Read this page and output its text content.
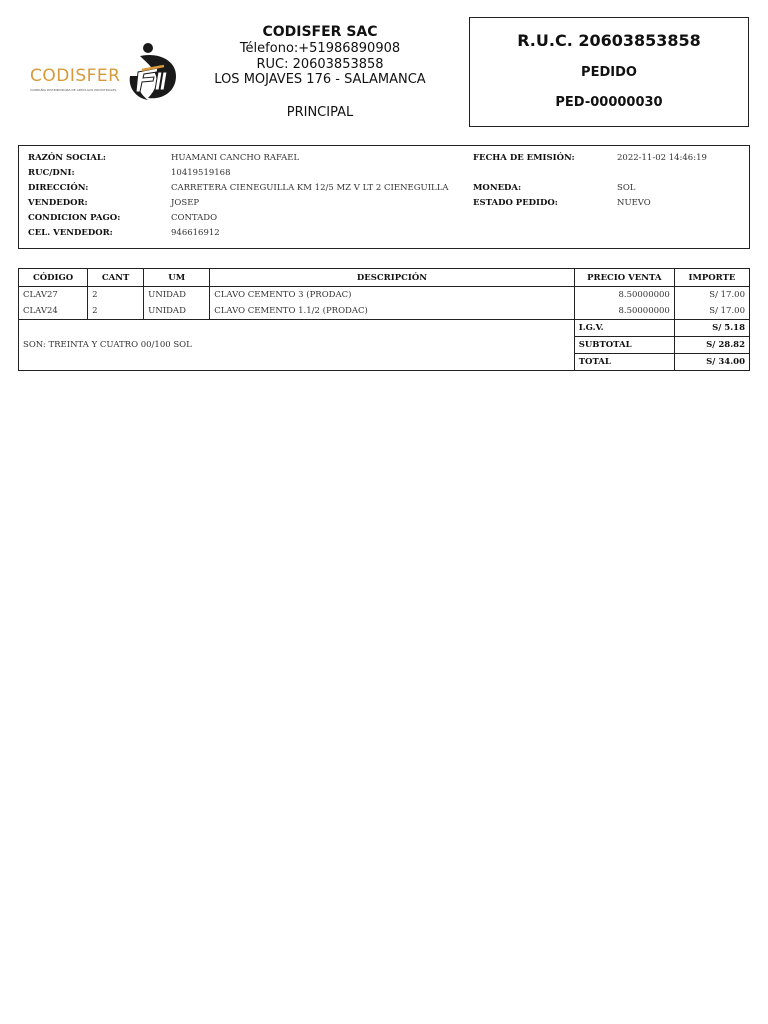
CODISFER
COMPAÑIA DISTRIBUIDORA DE ARTICULOS INDUSTRIALES
CODISFER SAC
Télefono:+51986890908
RUC: 20603853858
LOS MOJAVES 176 - SALAMANCA
PRINCIPAL
R.U.C. 20603853858
PEDIDO
PED-00000030
RAZÓN SOCIAL:	HUAMANI CANCHO RAFAEL
RUC/DNI:	10419519168
DIRECCIÓN:	CARRETERA CIENEGUILLA KM 12/5 MZ V LT 2 CIENEGUILLA
VENDEDOR:	JOSEP
CONDICION PAGO:	CONTADO
CEL. VENDEDOR:	946616912
FECHA DE EMISIÓN:	2022-11-02 14:46:19
MONEDA:	SOL
ESTADO PEDIDO:	NUEVO
CÓDIGO	CANT	UM	DESCRIPCIÓN	PRECIO VENTA	IMPORTE
CLAV27	2	UNIDAD	CLAVO CEMENTO 3 (PRODAC)	8.50000000	S/ 17.00
CLAV24	2	UNIDAD	CLAVO CEMENTO 1.1/2 (PRODAC)	8.50000000	S/ 17.00
SON: TREINTA Y CUATRO 00/100 SOL				I.G.V.	S/ 5.18
				SUBTOTAL	S/ 28.82
				TOTAL	S/ 34.00
